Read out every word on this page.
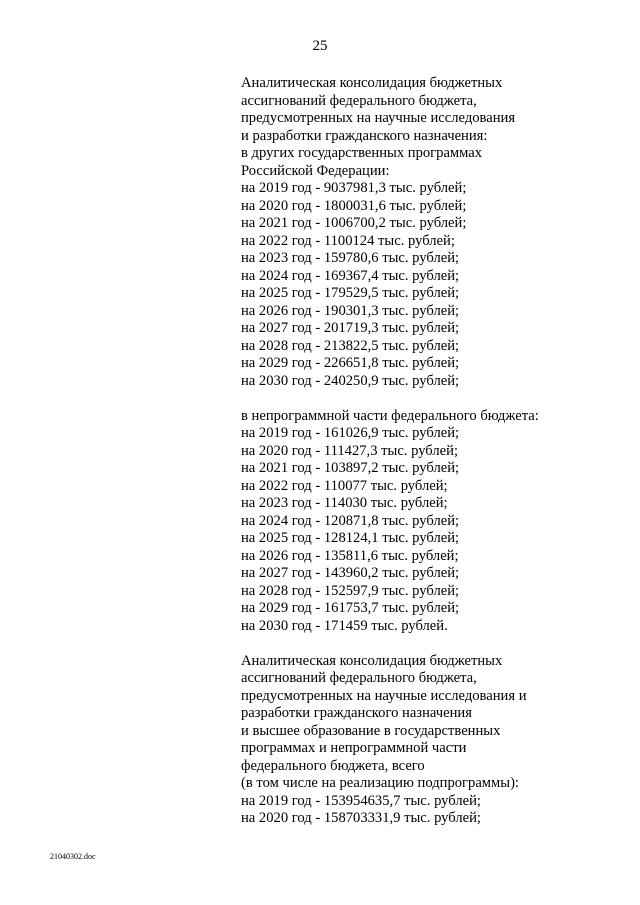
25
Аналитическая консолидация бюджетных
ассигнований федерального бюджета,
предусмотренных на научные исследования
и разработки гражданского назначения:
в других государственных программах
Российской Федерации:
на 2019 год - 9037981,3 тыс. рублей;
на 2020 год - 1800031,6 тыс. рублей;
на 2021 год - 1006700,2 тыс. рублей;
на 2022 год - 1100124 тыс. рублей;
на 2023 год - 159780,6 тыс. рублей;
на 2024 год - 169367,4 тыс. рублей;
на 2025 год - 179529,5 тыс. рублей;
на 2026 год - 190301,3 тыс. рублей;
на 2027 год - 201719,3 тыс. рублей;
на 2028 год - 213822,5 тыс. рублей;
на 2029 год - 226651,8 тыс. рублей;
на 2030 год - 240250,9 тыс. рублей;
в непрограммной части федерального бюджета:
на 2019 год - 161026,9 тыс. рублей;
на 2020 год - 111427,3 тыс. рублей;
на 2021 год - 103897,2 тыс. рублей;
на 2022 год - 110077 тыс. рублей;
на 2023 год - 114030 тыс. рублей;
на 2024 год - 120871,8 тыс. рублей;
на 2025 год - 128124,1 тыс. рублей;
на 2026 год - 135811,6 тыс. рублей;
на 2027 год - 143960,2 тыс. рублей;
на 2028 год - 152597,9 тыс. рублей;
на 2029 год - 161753,7 тыс. рублей;
на 2030 год - 171459 тыс. рублей.
Аналитическая консолидация бюджетных
ассигнований федерального бюджета,
предусмотренных на научные исследования и
разработки гражданского назначения
и высшее образование в государственных
программах и непрограммной части
федерального бюджета, всего
(в том числе на реализацию подпрограммы):
на 2019 год - 153954635,7 тыс. рублей;
на 2020 год - 158703331,9 тыс. рублей;
21040302.doc
